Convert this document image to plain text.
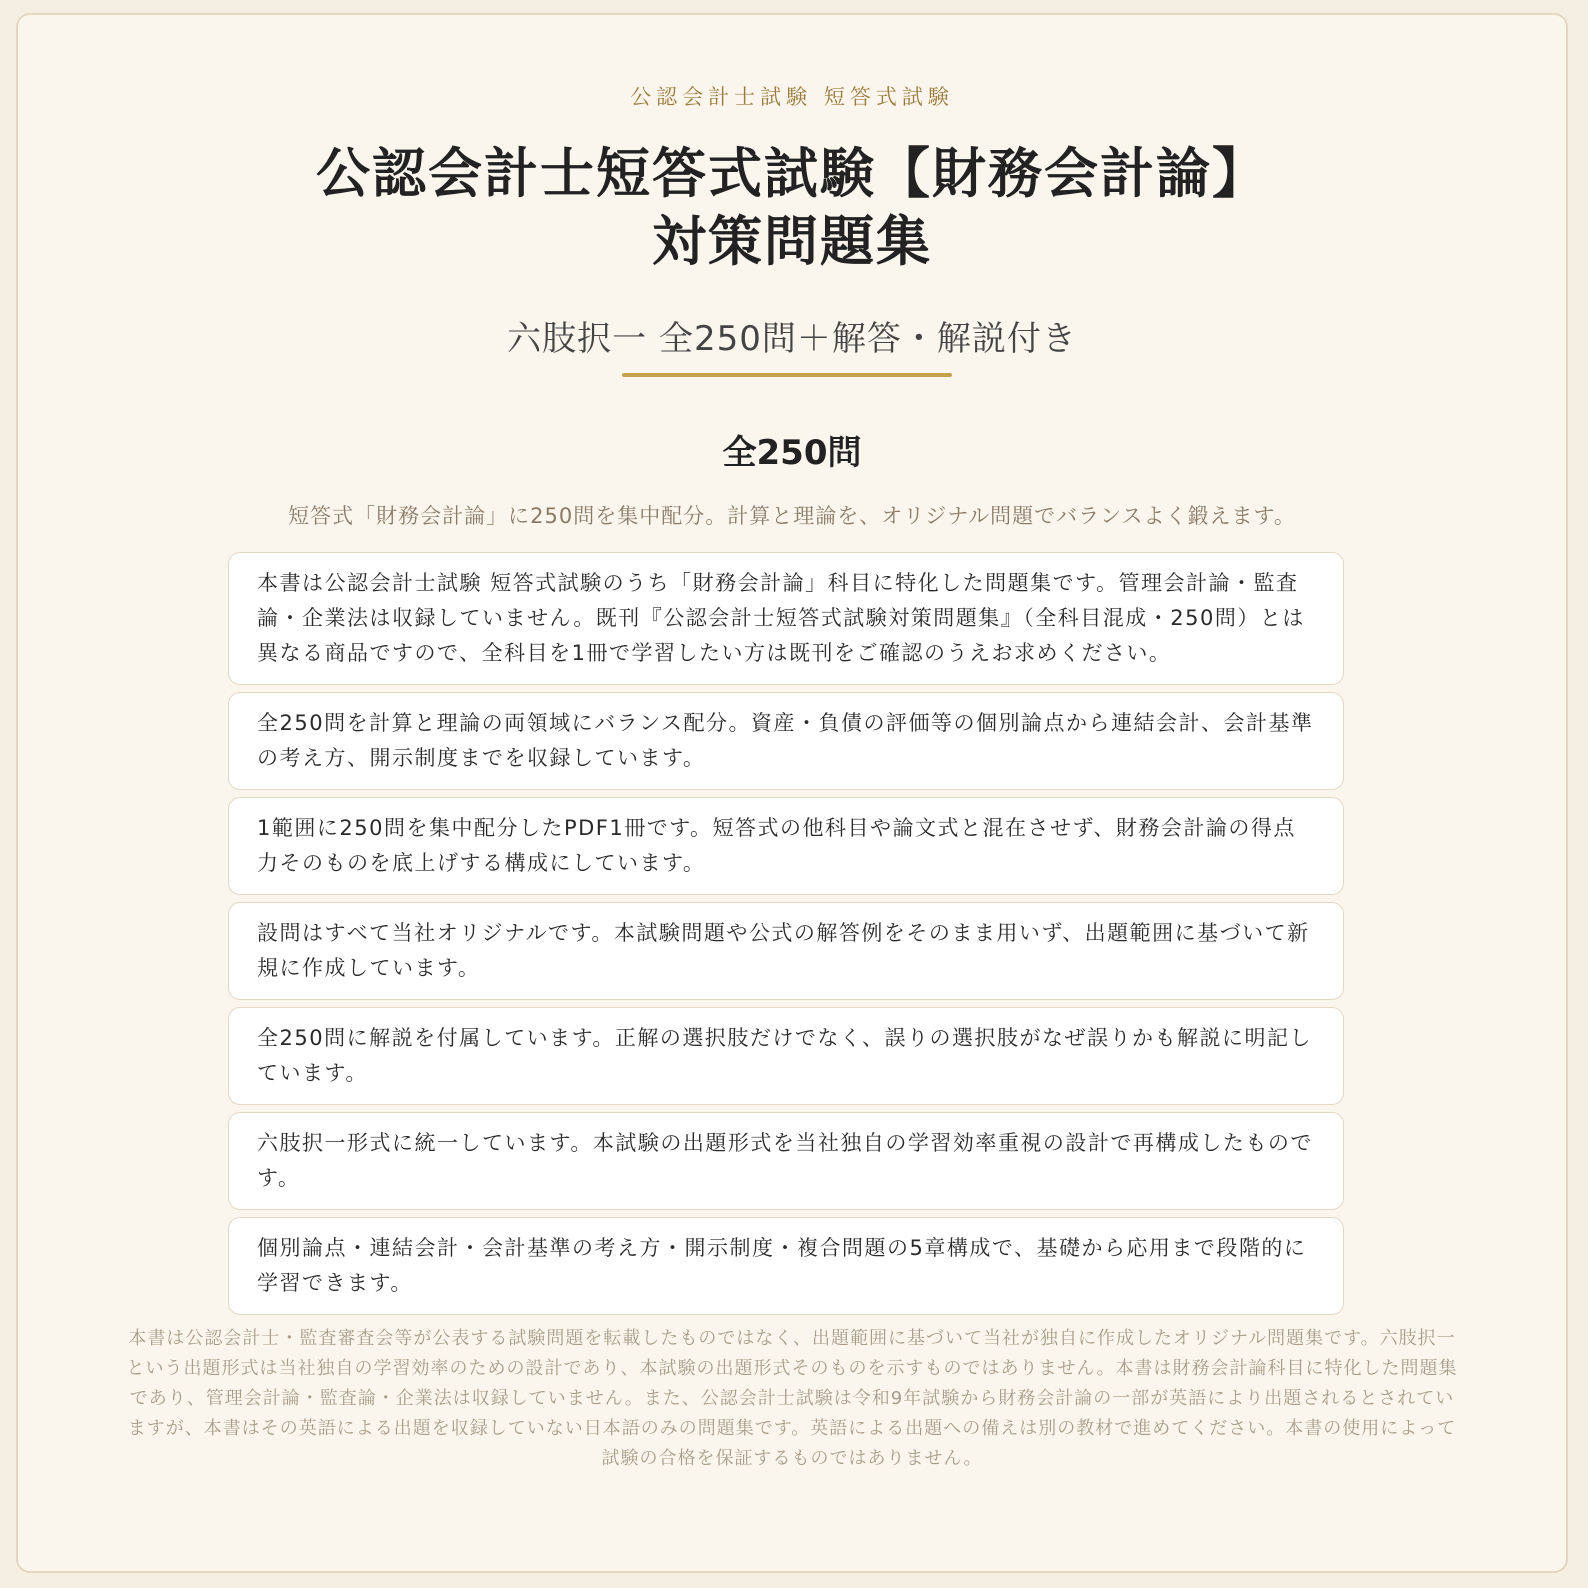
公認会計士試験 短答式試験
公認会計士短答式試験【財務会計論】
対策問題集
六肢択一 全250問＋解答・解説付き
全250問
短答式「財務会計論」に250問を集中配分。計算と理論を、オリジナル問題でバランスよく鍛えます。
本書は公認会計士試験 短答式試験のうち「財務会計論」科目に特化した問題集です。管理会計論・監査論・企業法は収録していません。既刊『公認会計士短答式試験対策問題集』（全科目混成・250問）とは異なる商品ですので、全科目を1冊で学習したい方は既刊をご確認のうえお求めください。
全250問を計算と理論の両領域にバランス配分。資産・負債の評価等の個別論点から連結会計、会計基準の考え方、開示制度までを収録しています。
1範囲に250問を集中配分したPDF1冊です。短答式の他科目や論文式と混在させず、財務会計論の得点力そのものを底上げする構成にしています。
設問はすべて当社オリジナルです。本試験問題や公式の解答例をそのまま用いず、出題範囲に基づいて新規に作成しています。
全250問に解説を付属しています。正解の選択肢だけでなく、誤りの選択肢がなぜ誤りかも解説に明記しています。
六肢択一形式に統一しています。本試験の出題形式を当社独自の学習効率重視の設計で再構成したものです。
個別論点・連結会計・会計基準の考え方・開示制度・複合問題の5章構成で、基礎から応用まで段階的に学習できます。
本書は公認会計士・監査審査会等が公表する試験問題を転載したものではなく、出題範囲に基づいて当社が独自に作成したオリジナル問題集です。六肢択一という出題形式は当社独自の学習効率のための設計であり、本試験の出題形式そのものを示すものではありません。本書は財務会計論科目に特化した問題集であり、管理会計論・監査論・企業法は収録していません。また、公認会計士試験は令和9年試験から財務会計論の一部が英語により出題されるとされていますが、本書はその英語による出題を収録していない日本語のみの問題集です。英語による出題への備えは別の教材で進めてください。本書の使用によって試験の合格を保証するものではありません。
